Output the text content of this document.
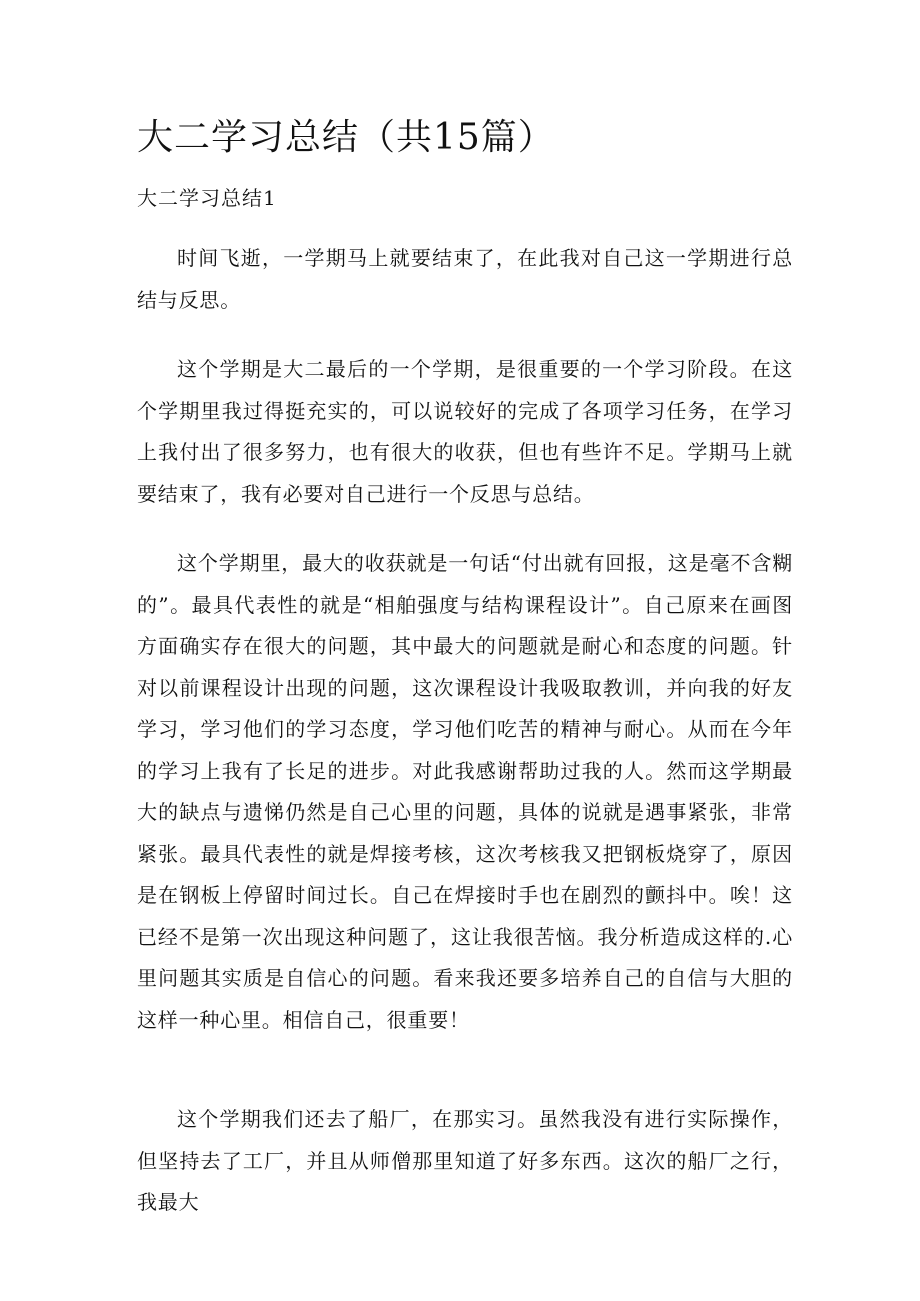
大二学习总结（共15篇）
大二学习总结1

时间飞逝，一学期马上就要结束了，在此我对自己这一学期进行总结与反思。

这个学期是大二最后的一个学期，是很重要的一个学习阶段。在这个学期里我过得挺充实的，可以说较好的完成了各项学习任务，在学习上我付出了很多努力，也有很大的收获，但也有些许不足。学期马上就要结束了，我有必要对自己进行一个反思与总结。

这个学期里，最大的收获就是一句话“付出就有回报，这是毫不含糊的”。最具代表性的就是“相舶强度与结构课程设计”。自己原来在画图方面确实存在很大的问题，其中最大的问题就是耐心和态度的问题。针对以前课程设计出现的问题，这次课程设计我吸取教训，并向我的好友学习，学习他们的学习态度，学习他们吃苦的精神与耐心。从而在今年的学习上我有了长足的进步。对此我感谢帮助过我的人。然而这学期最大的缺点与遗悌仍然是自己心里的问题，具体的说就是遇事紧张，非常紧张。最具代表性的就是焊接考核，这次考核我又把钢板烧穿了，原因是在钢板上停留时间过长。自己在焊接时手也在剧烈的颤抖中。唉！这已经不是第一次出现这种问题了，这让我很苦恼。我分析造成这样的.心里问题其实质是自信心的问题。看来我还要多培养自己的自信与大胆的这样一种心里。相信自己，很重要！

这个学期我们还去了船厂，在那实习。虽然我没有进行实际操作，但坚持去了工厂，并且从师僧那里知道了好多东西。这次的船厂之行，我最大
